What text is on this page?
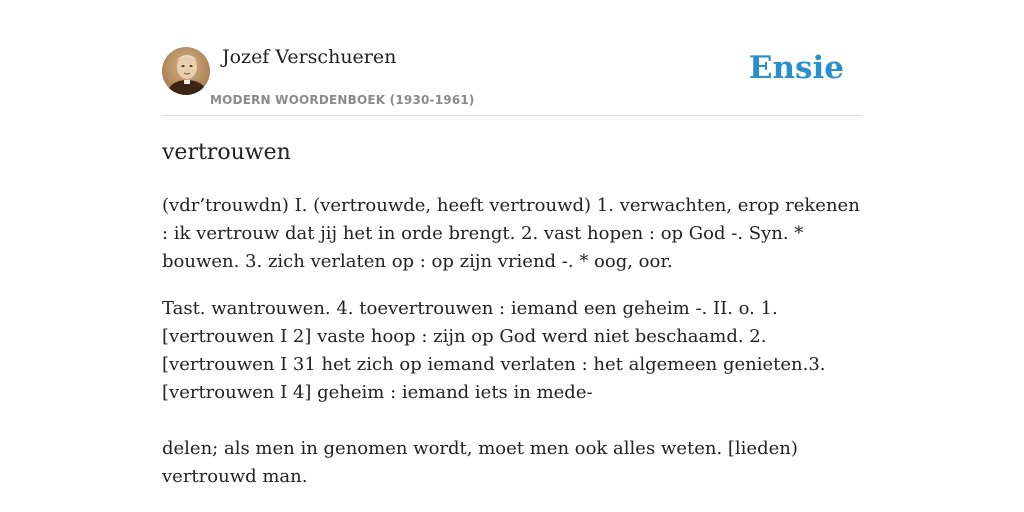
Jozef Verschueren
MODERN WOORDENBOEK (1930-1961)
Ensie
vertrouwen

(vdr’trouwdn) I. (vertrouwde, heeft vertrouwd) 1. verwachten, erop rekenen : ik vertrouw dat jij het in orde brengt. 2. vast hopen : op God -. Syn. * bouwen. 3. zich verlaten op : op zijn vriend -. * oog, oor.

Tast. wantrouwen. 4. toevertrouwen : iemand een geheim -. II. o. 1. [vertrouwen I 2] vaste hoop : zijn op God werd niet beschaamd. 2. [vertrouwen I 31 het zich op iemand verlaten : het algemeen genieten.3. [vertrouwen I 4] geheim : iemand iets in mede-

delen; als men in genomen wordt, moet men ook alles weten. [lieden) vertrouwd man.
